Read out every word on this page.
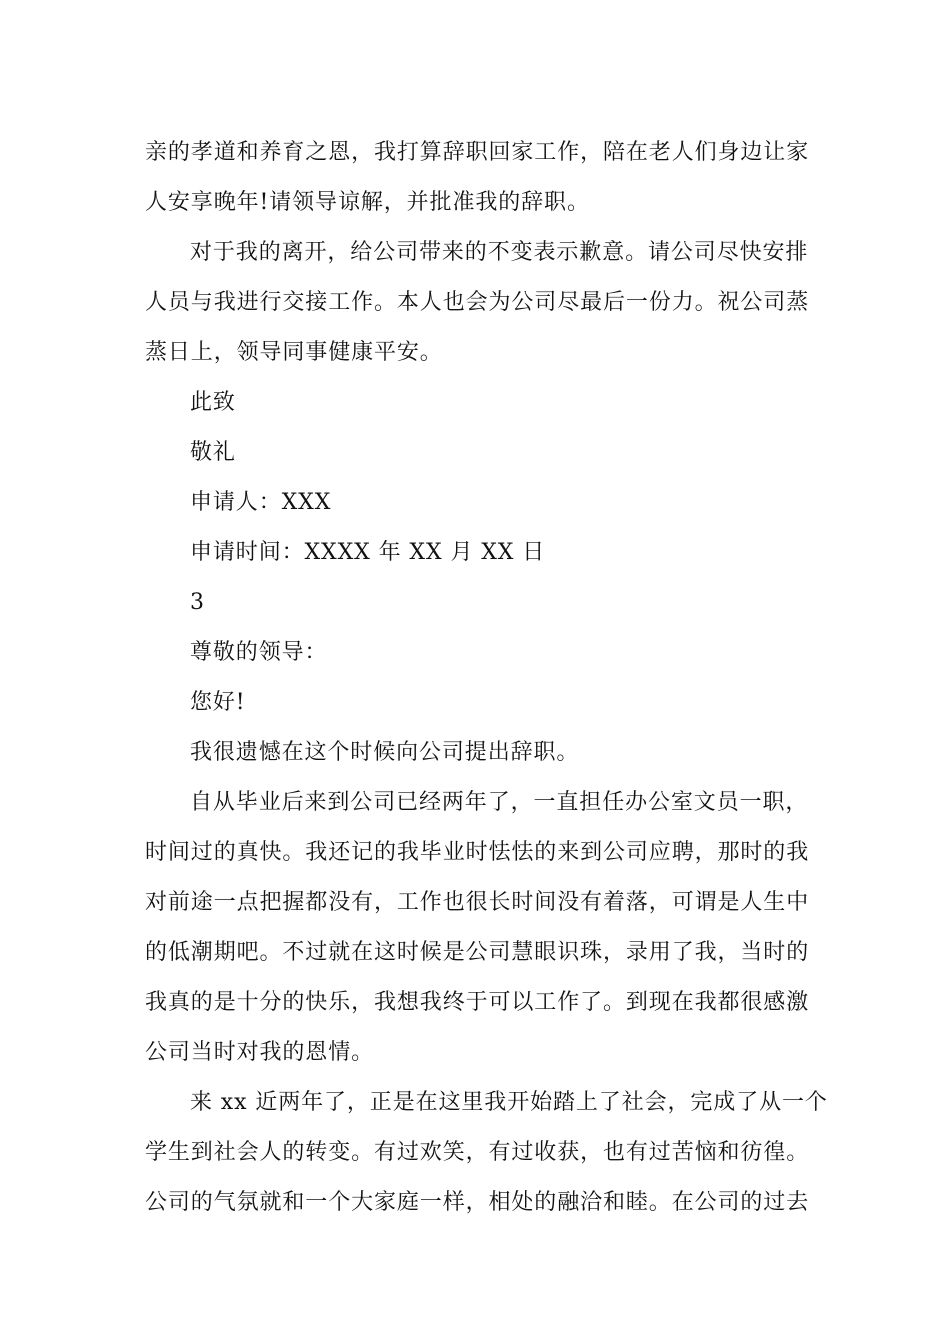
亲的孝道和养育之恩，我打算辞职回家工作，陪在老人们身边让家
人安享晚年!请领导谅解，并批准我的辞职。
对于我的离开，给公司带来的不变表示歉意。请公司尽快安排
人员与我进行交接工作。本人也会为公司尽最后一份力。祝公司蒸
蒸日上，领导同事健康平安。
此致
敬礼
申请人：XXX
申请时间：XXXX 年 XX 月 XX 日
3
尊敬的领导：
您好!
我很遗憾在这个时候向公司提出辞职。
自从毕业后来到公司已经两年了，一直担任办公室文员一职，
时间过的真快。我还记的我毕业时怯怯的来到公司应聘，那时的我
对前途一点把握都没有，工作也很长时间没有着落，可谓是人生中
的低潮期吧。不过就在这时候是公司慧眼识珠，录用了我，当时的
我真的是十分的快乐，我想我终于可以工作了。到现在我都很感激
公司当时对我的恩情。
来 xx 近两年了，正是在这里我开始踏上了社会，完成了从一个
学生到社会人的转变。有过欢笑，有过收获，也有过苦恼和彷徨。
公司的气氛就和一个大家庭一样，相处的融洽和睦。在公司的过去
